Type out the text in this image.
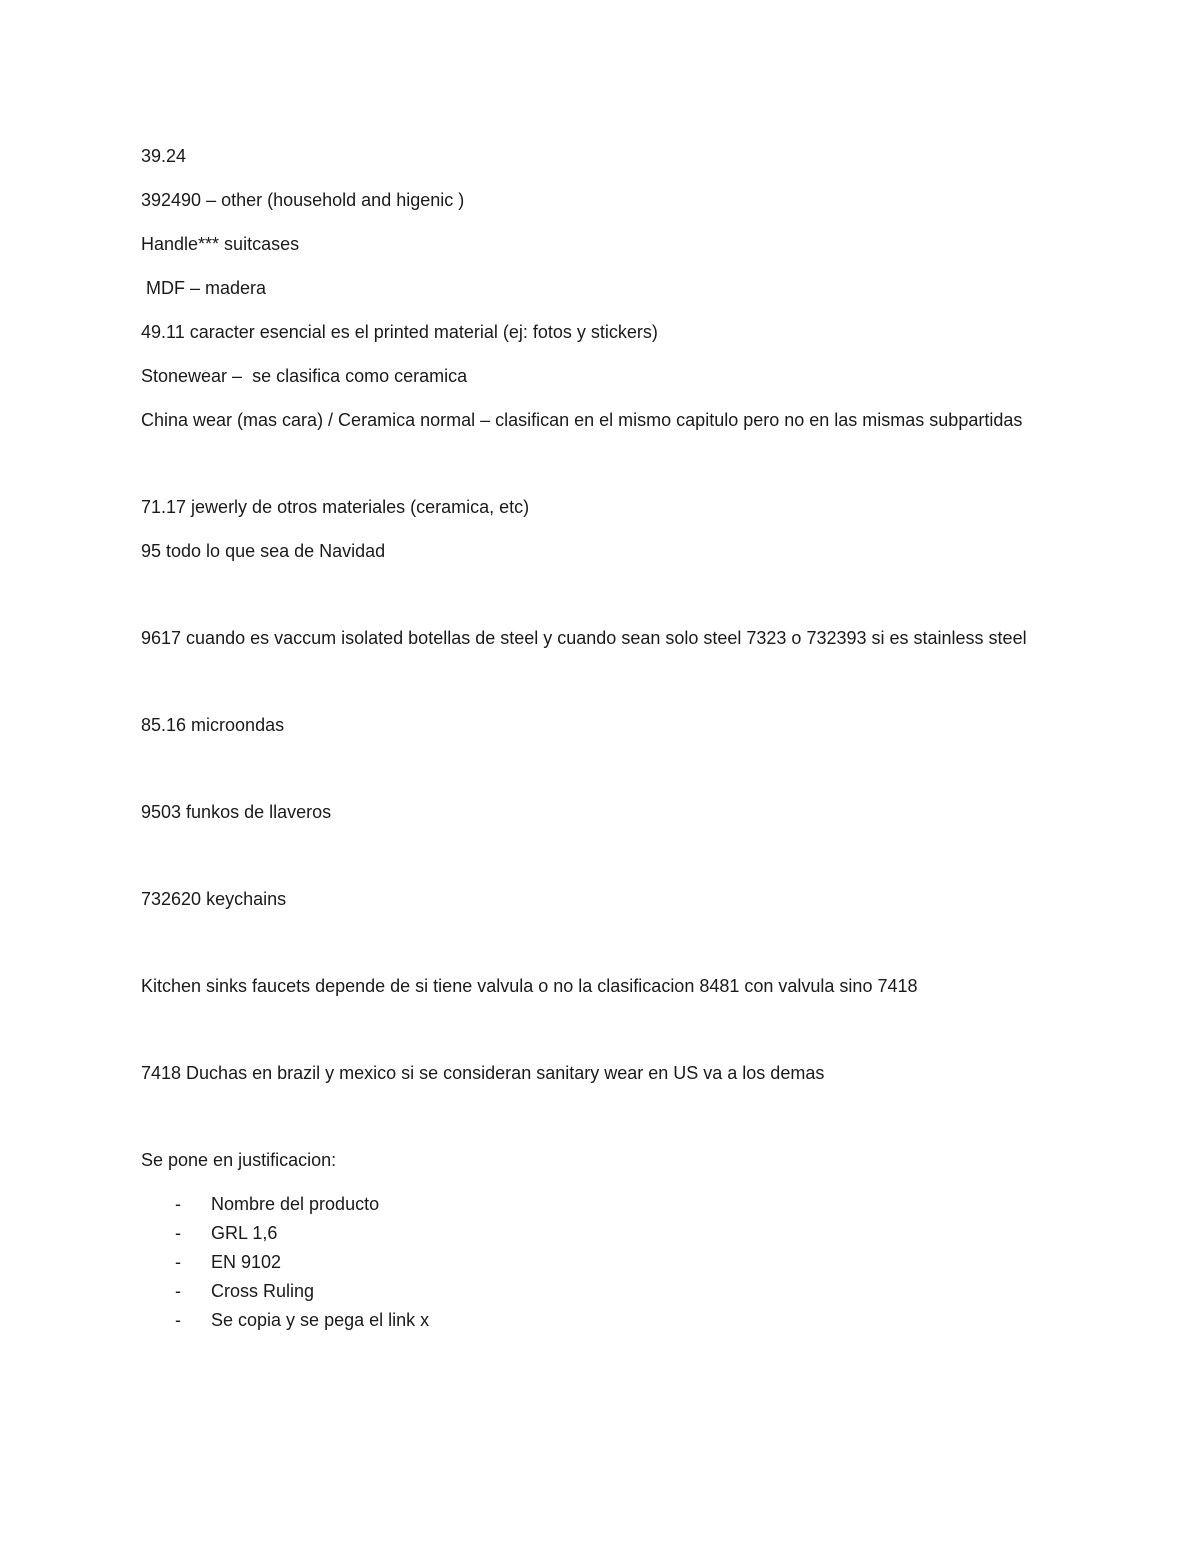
39.24

392490 – other (household and higenic )

Handle*** suitcases

MDF – madera

49.11 caracter esencial es el printed material (ej: fotos y stickers)

Stonewear –  se clasifica como ceramica

China wear (mas cara) / Ceramica normal – clasifican en el mismo capitulo pero no en las mismas subpartidas

71.17 jewerly de otros materiales (ceramica, etc)

95 todo lo que sea de Navidad

9617 cuando es vaccum isolated botellas de steel y cuando sean solo steel 7323 o 732393 si es stainless steel

85.16 microondas

9503 funkos de llaveros

732620 keychains

Kitchen sinks faucets depende de si tiene valvula o no la clasificacion 8481 con valvula sino 7418

7418 Duchas en brazil y mexico si se consideran sanitary wear en US va a los demas

Se pone en justificacion:

-	Nombre del producto
-	GRL 1,6
-	EN 9102
-	Cross Ruling
-	Se copia y se pega el link x
